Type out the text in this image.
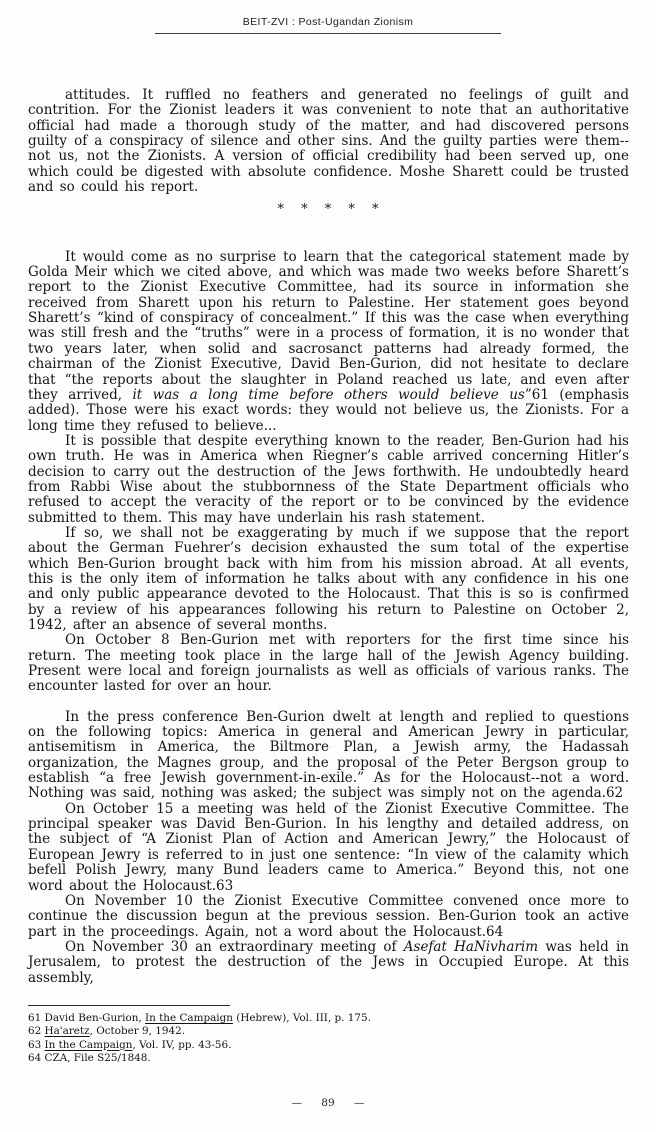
BEIT-ZVI : Post-Ugandan Zionism

attitudes. It ruffled no feathers and generated no feelings of guilt and contrition. For the Zionist leaders it was convenient to note that an authoritative official had made a thorough study of the matter, and had discovered persons guilty of a conspiracy of silence and other sins. And the guilty parties were them--not us, not the Zionists. A version of official credibility had been served up, one which could be digested with absolute confidence. Moshe Sharett could be trusted and so could his report.

* * * * *

It would come as no surprise to learn that the categorical statement made by Golda Meir which we cited above, and which was made two weeks before Sharett’s report to the Zionist Executive Committee, had its source in information she received from Sharett upon his return to Palestine. Her statement goes beyond Sharett’s “kind of conspiracy of concealment.” If this was the case when everything was still fresh and the “truths” were in a process of formation, it is no wonder that two years later, when solid and sacrosanct patterns had already formed, the chairman of the Zionist Executive, David Ben-Gurion, did not hesitate to declare that “the reports about the slaughter in Poland reached us late, and even after they arrived, it was a long time before others would believe us”61 (emphasis added). Those were his exact words: they would not believe us, the Zionists. For a long time they refused to believe...

It is possible that despite everything known to the reader, Ben-Gurion had his own truth. He was in America when Riegner’s cable arrived concerning Hitler’s decision to carry out the destruction of the Jews forthwith. He undoubtedly heard from Rabbi Wise about the stubbornness of the State Department officials who refused to accept the veracity of the report or to be convinced by the evidence submitted to them. This may have underlain his rash statement.

If so, we shall not be exaggerating by much if we suppose that the report about the German Fuehrer’s decision exhausted the sum total of the expertise which Ben-Gurion brought back with him from his mission abroad. At all events, this is the only item of information he talks about with any confidence in his one and only public appearance devoted to the Holocaust. That this is so is confirmed by a review of his appearances following his return to Palestine on October 2, 1942, after an absence of several months.

On October 8 Ben-Gurion met with reporters for the first time since his return. The meeting took place in the large hall of the Jewish Agency building. Present were local and foreign journalists as well as officials of various ranks. The encounter lasted for over an hour.

In the press conference Ben-Gurion dwelt at length and replied to questions on the following topics: America in general and American Jewry in particular, antisemitism in America, the Biltmore Plan, a Jewish army, the Hadassah organization, the Magnes group, and the proposal of the Peter Bergson group to establish “a free Jewish government-in-exile.” As for the Holocaust--not a word. Nothing was said, nothing was asked; the subject was simply not on the agenda.62

On October 15 a meeting was held of the Zionist Executive Committee. The principal speaker was David Ben-Gurion. In his lengthy and detailed address, on the subject of “A Zionist Plan of Action and American Jewry,” the Holocaust of European Jewry is referred to in just one sentence: “In view of the calamity which befell Polish Jewry, many Bund leaders came to America.” Beyond this, not one word about the Holocaust.63

On November 10 the Zionist Executive Committee convened once more to continue the discussion begun at the previous session. Ben-Gurion took an active part in the proceedings. Again, not a word about the Holocaust.64

On November 30 an extraordinary meeting of Asefat HaNivharim was held in Jerusalem, to protest the destruction of the Jews in Occupied Europe. At this assembly,

61 David Ben-Gurion, In the Campaign (Hebrew), Vol. III, p. 175.
62 Ha'aretz, October 9, 1942.
63 In the Campaign, Vol. IV, pp. 43-56.
64 CZA, File S25/1848.
— 89 —
